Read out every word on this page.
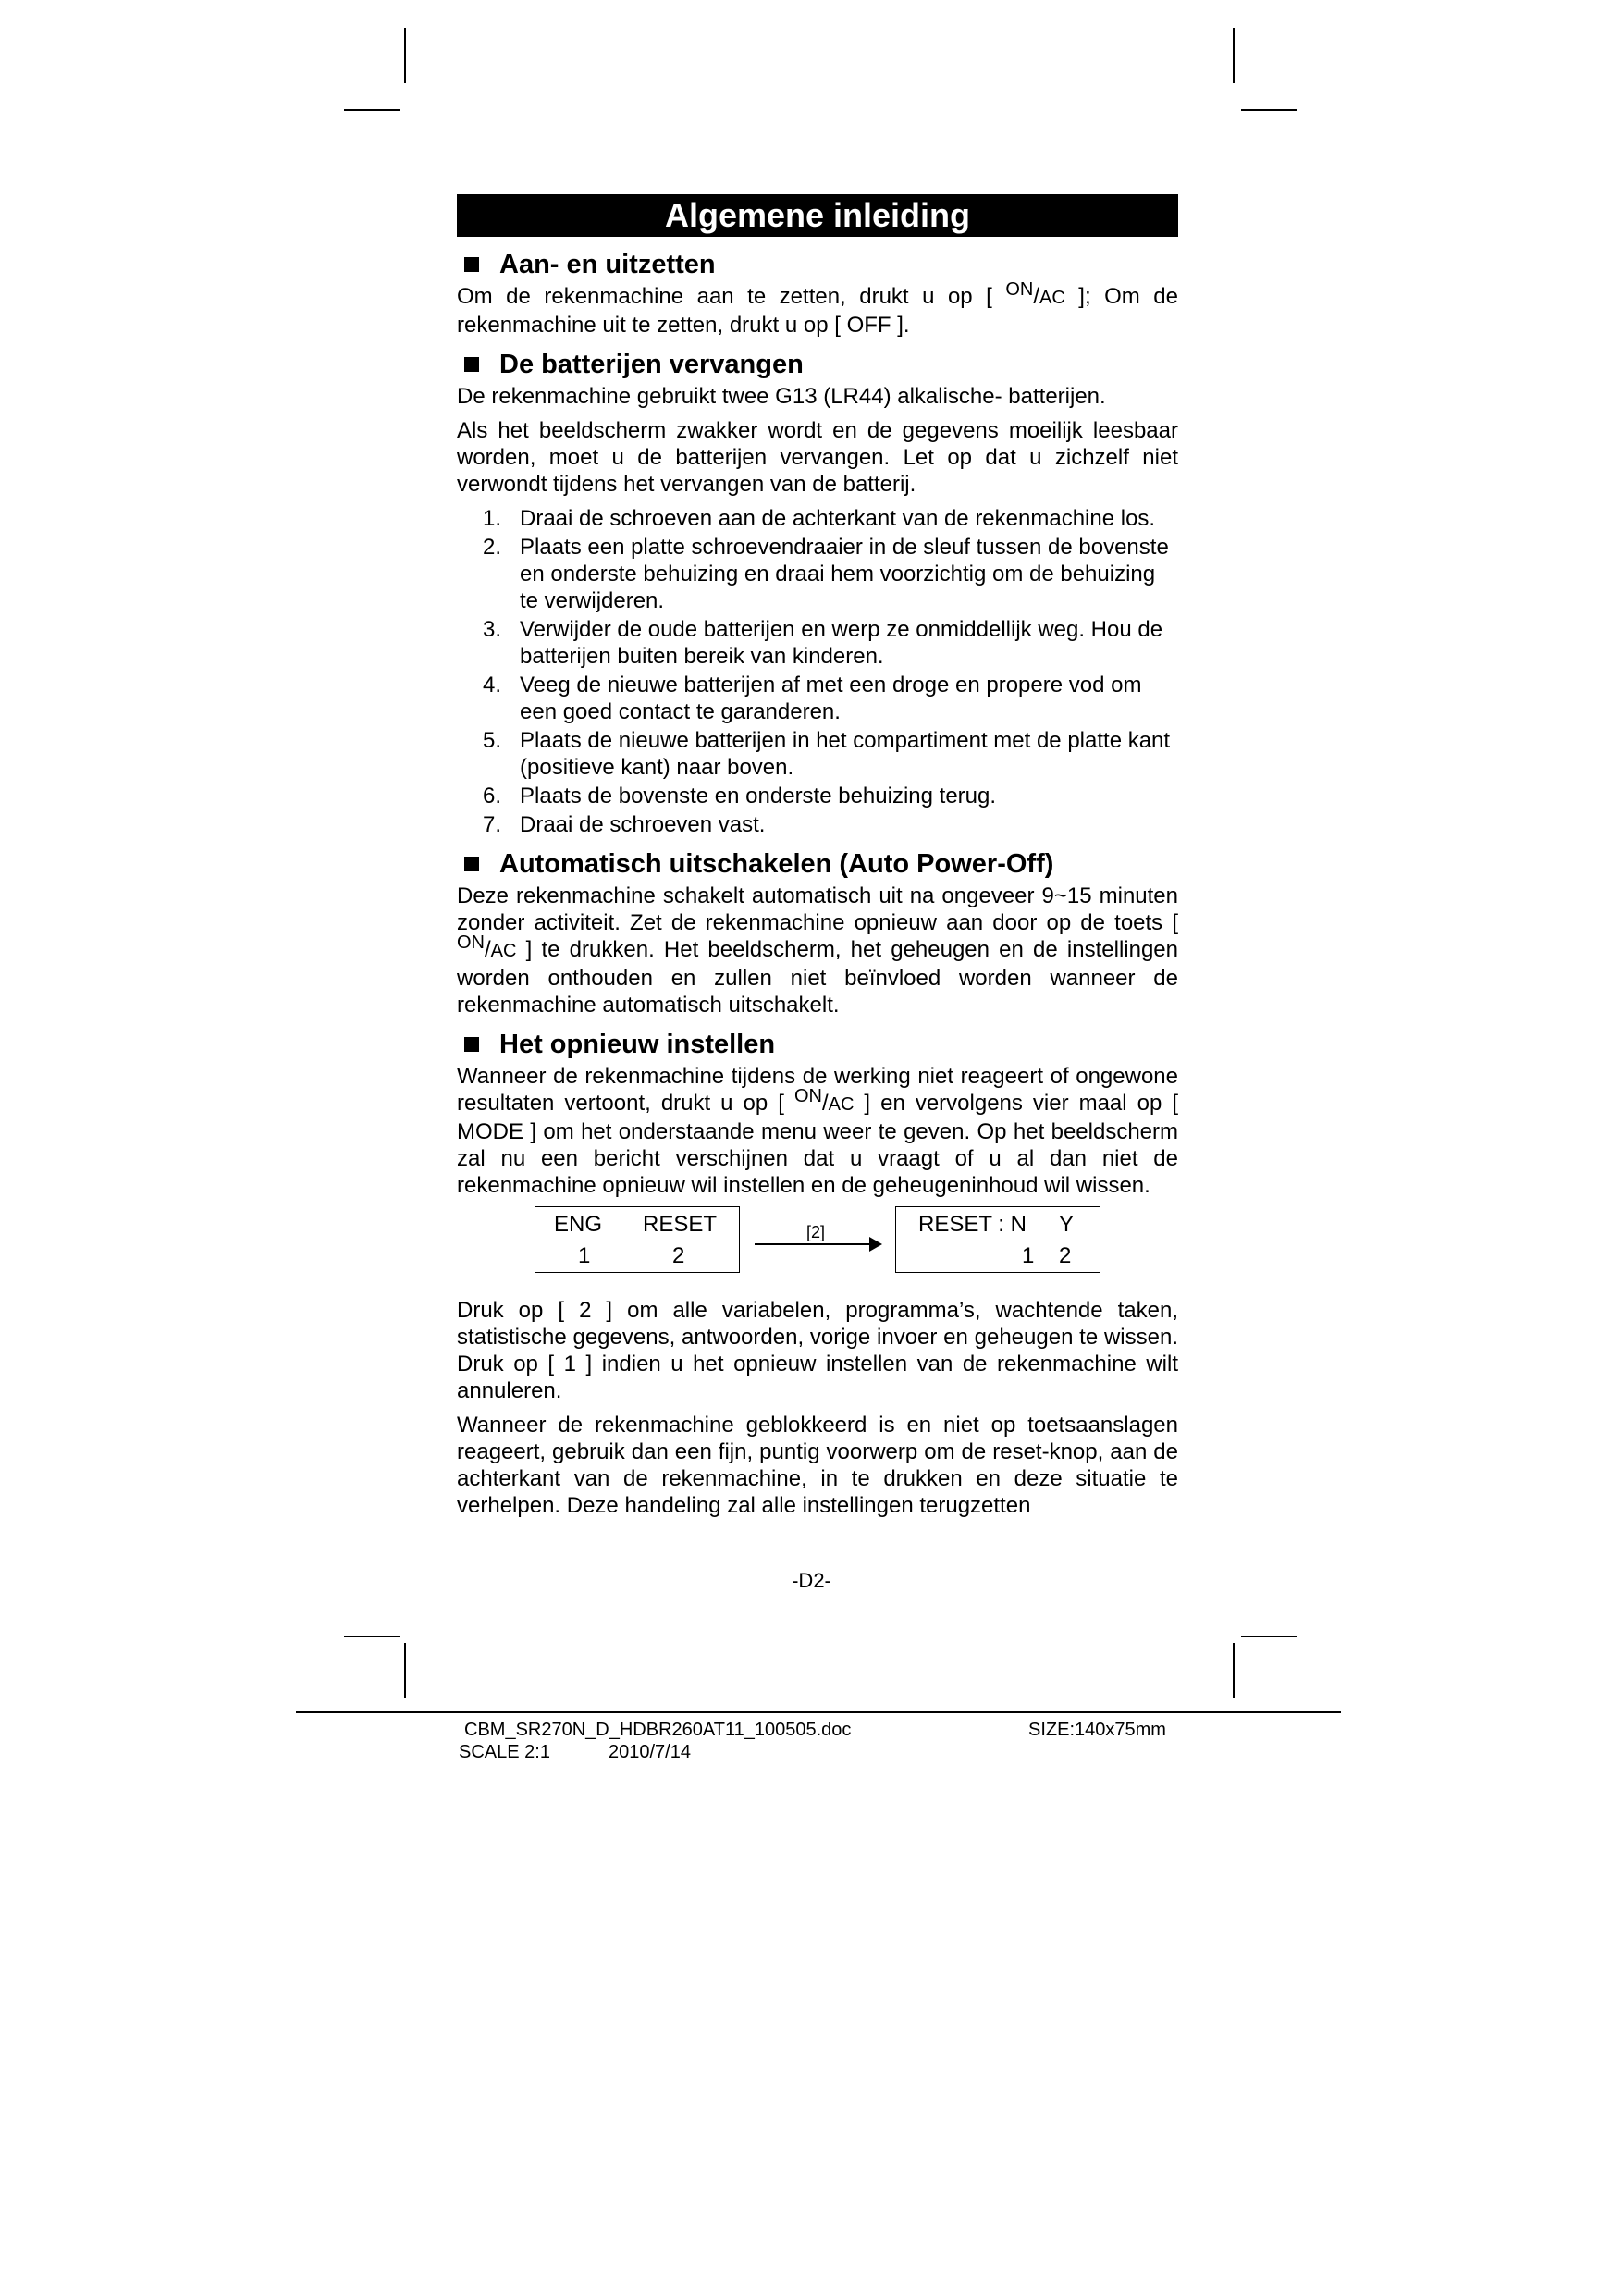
Algemene inleiding
Aan- en uitzetten

Om de rekenmachine aan te zetten, drukt u op [ $^{ON}$/AC ]; Om de rekenmachine uit te zetten, drukt u op [ OFF ].

De batterijen vervangen

De rekenmachine gebruikt twee G13 (LR44) alkalische- batterijen.

Als het beeldscherm zwakker wordt en de gegevens moeilijk leesbaar worden, moet u de batterijen vervangen. Let op dat u zichzelf niet verwondt tijdens het vervangen van de batterij.

1. Draai de schroeven aan de achterkant van de rekenmachine los.
2. Plaats een platte schroevendraaier in de sleuf tussen de bovenste en onderste behuizing en draai hem voorzichtig om de behuizing te verwijderen.
3. Verwijder de oude batterijen en werp ze onmiddellijk weg. Hou de batterijen buiten bereik van kinderen.
4. Veeg de nieuwe batterijen af met een droge en propere vod om een goed contact te garanderen.
5. Plaats de nieuwe batterijen in het compartiment met de platte kant (positieve kant) naar boven.
6. Plaats de bovenste en onderste behuizing terug.
7. Draai de schroeven vast.
Automatisch uitschakelen (Auto Power-Off)

Deze rekenmachine schakelt automatisch uit na ongeveer 9~15 minuten zonder activiteit. Zet de rekenmachine opnieuw aan door op de toets [ $^{ON}$/AC ] te drukken. Het beeldscherm, het geheugen en de instellingen worden onthouden en zullen niet beïnvloed worden wanneer de rekenmachine automatisch uitschakelt.

Het opnieuw instellen

Wanneer de rekenmachine tijdens de werking niet reageert of ongewone resultaten vertoont, drukt u op [ $^{ON}$/AC ] en vervolgens vier maal op [ MODE ] om het onderstaande menu weer te geven. Op het beeldscherm zal nu een bericht verschijnen dat u vraagt of u al dan niet de rekenmachine opnieuw wil instellen en de geheugeninhoud wil wissen.

ENG RESET
1	2
[2]	RESET : N Y
1 2

Druk op [ 2 ] om alle variabelen, programma’s, wachtende taken, statistische gegevens, antwoorden, vorige invoer en geheugen te wissen. Druk op [ 1 ] indien u het opnieuw instellen van de rekenmachine wilt annuleren.

Wanneer de rekenmachine geblokkeerd is en niet op toetsaanslagen reageert, gebruik dan een fijn, puntig voorwerp om de reset-knop, aan de achterkant van de rekenmachine, in te drukken en deze situatie te verhelpen. Deze handeling zal alle instellingen terugzetten

-D2-
CBM_SR270N_D_HDBR260AT11_100505.doc	SIZE:140x75mm
SCALE 2:1	2010/7/14
